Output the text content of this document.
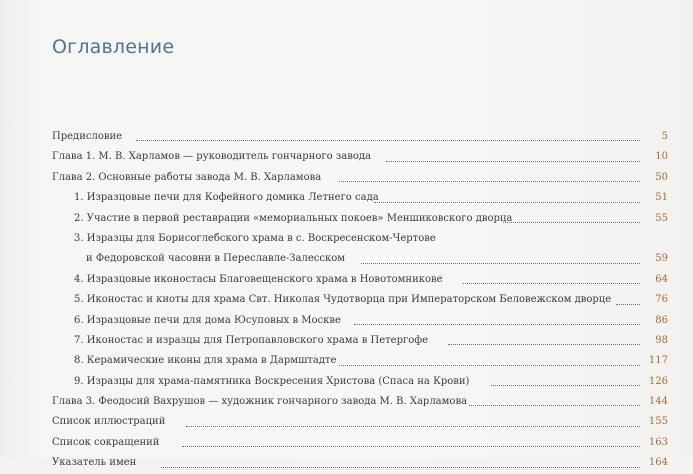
Оглавление
Предисловие	5
Глава 1. М. В. Харламов — руководитель гончарного завода	10
Глава 2. Основные работы завода М. В. Харламова	50
1. Изразцовые печи для Кофейного домика Летнего сада	51
2. Участие в первой реставрации «мемориальных покоев» Меншиковского дворца	55
3. Изразцы для Борисоглебского храма в с. Воскресенском-Чертове
и Федоровской часовни в Переславле-Залесском	59
4. Изразцовые иконостасы Благовещенского храма в Новотомникове	64
5. Иконостас и киоты для храма Свт. Николая Чудотворца при Императорском Беловежском дворце	76
6. Изразцовые печи для дома Юсуповых в Москве	86
7. Иконостас и изразцы для Петропавловского храма в Петергофе	98
8. Керамические иконы для храма в Дармштадте	117
9. Изразцы для храма-памятника Воскресения Христова (Спаса на Крови)	126
Глава 3. Феодосий Вахрушов — художник гончарного завода М. В. Харламова	144
Список иллюстраций	155
Список сокращений	163
Указатель имен	164
